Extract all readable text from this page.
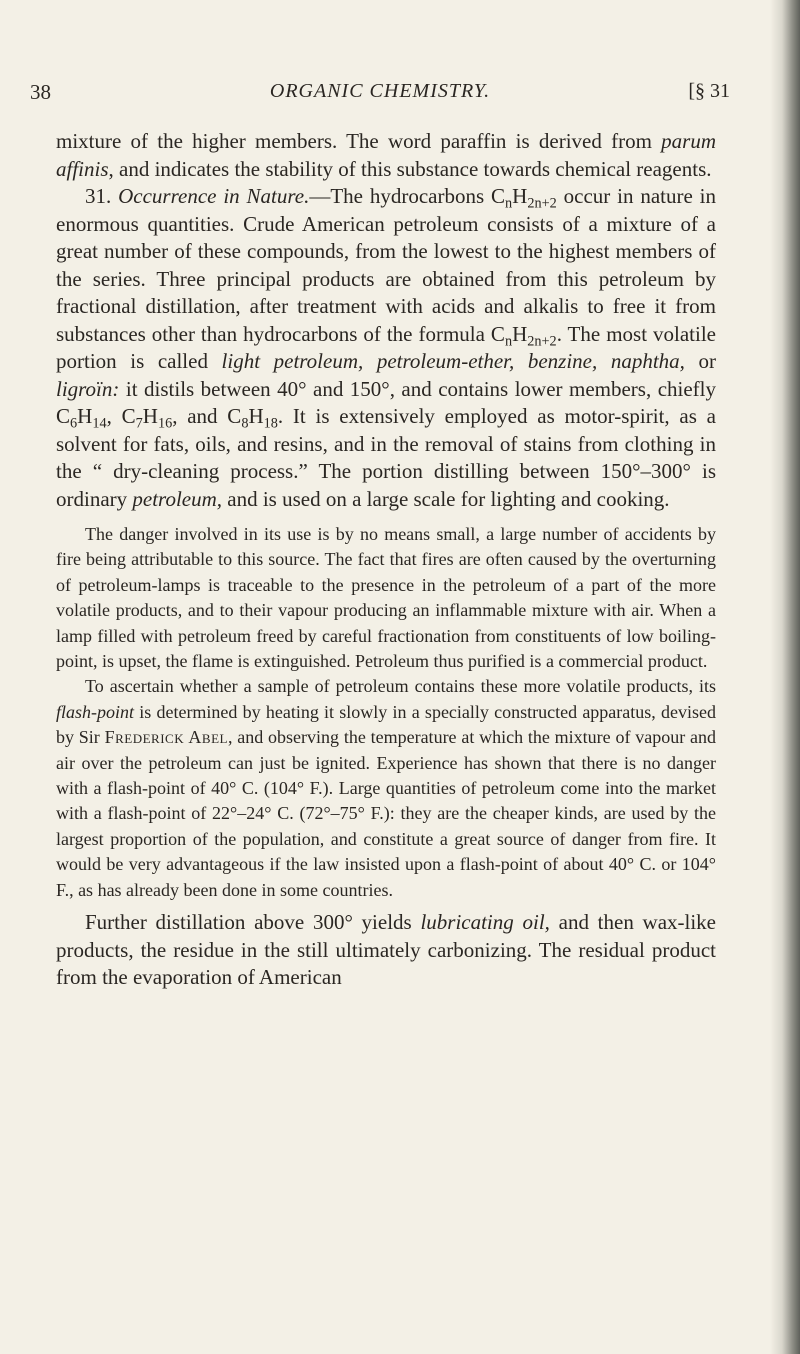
38	ORGANIC CHEMISTRY.	[§ 31

mixture of the higher members. The word paraffin is derived from parum affinis, and indicates the stability of this substance towards chemical reagents.

31. Occurrence in Nature.—The hydrocarbons $C_nH_{2n+2}$ occur in nature in enormous quantities. Crude American petroleum consists of a mixture of a great number of these compounds, from the lowest to the highest members of the series. Three principal products are obtained from this petroleum by fractional distillation, after treatment with acids and alkalis to free it from substances other than hydrocarbons of the formula $C_nH_{2n+2}$. The most volatile portion is called light petroleum, petroleum-ether, benzine, naphtha, or ligroïn: it distils between 40° and 150°, and contains lower members, chiefly $C_6H_{14}$, $C_7H_{16}$, and $C_8H_{18}$. It is extensively employed as motor-spirit, as a solvent for fats, oils, and resins, and in the removal of stains from clothing in the “ dry-cleaning process.” The portion distilling between 150°–300° is ordinary petroleum, and is used on a large scale for lighting and cooking.

The danger involved in its use is by no means small, a large number of accidents by fire being attributable to this source. The fact that fires are often caused by the overturning of petroleum-lamps is traceable to the presence in the petroleum of a part of the more volatile products, and to their vapour producing an inflammable mixture with air. When a lamp filled with petroleum freed by careful fractionation from constituents of low boiling-point, is upset, the flame is extinguished. Petroleum thus purified is a commercial product.

To ascertain whether a sample of petroleum contains these more volatile products, its flash-point is determined by heating it slowly in a specially constructed apparatus, devised by Sir Frederick Abel, and observing the temperature at which the mixture of vapour and air over the petroleum can just be ignited. Experience has shown that there is no danger with a flash-point of 40° C. (104° F.). Large quantities of petroleum come into the market with a flash-point of 22°–24° C. (72°–75° F.): they are the cheaper kinds, are used by the largest proportion of the population, and constitute a great source of danger from fire. It would be very advantageous if the law insisted upon a flash-point of about 40° C. or 104° F., as has already been done in some countries.

Further distillation above 300° yields lubricating oil, and then wax-like products, the residue in the still ultimately carbonizing. The residual product from the evaporation of American
